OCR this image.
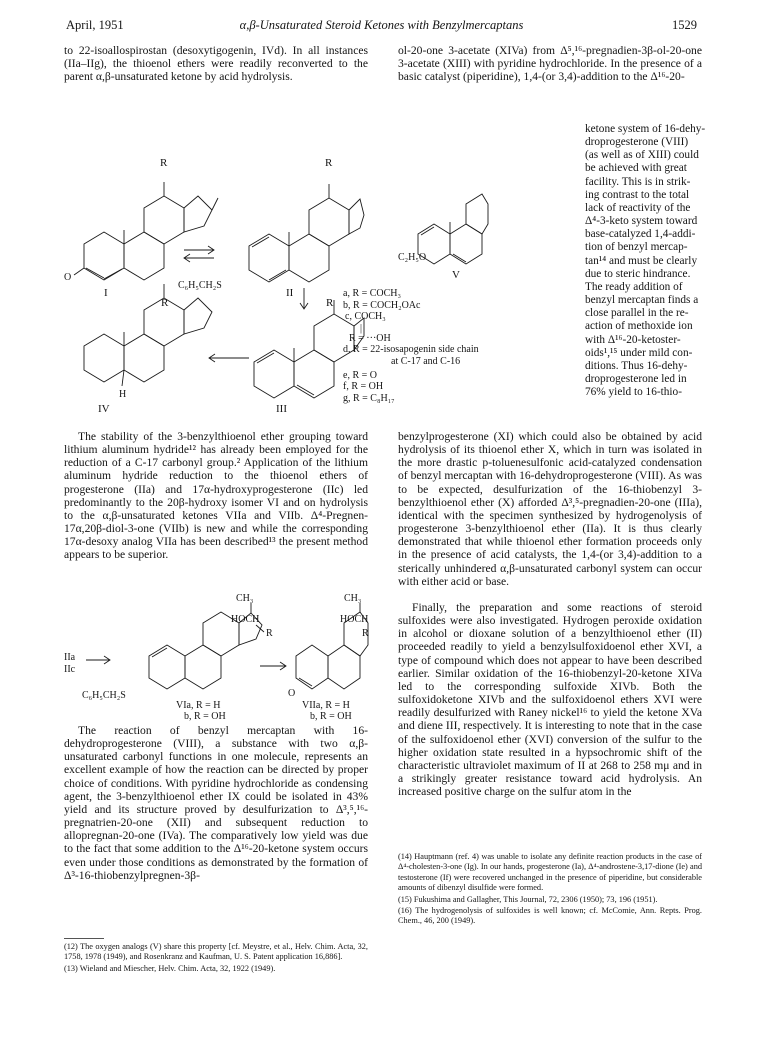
April, 1951	α,β-Unsaturated Steroid Ketones with Benzylmercaptans	1529

to 22-isoallospirostan (desoxytigogenin, IVd). In all instances (IIa–IIg), the thioenol ethers were readily reconverted to the parent α,β-unsaturated ketone by acid hydrolysis.

R	R
O
I
C₆H₅CH₂S
II
R	R
H
IV	III

The stability of the 3-benzylthioenol ether grouping toward lithium aluminum hydride¹² has already been employed for the reduction of a C-17 carbonyl group.² Application of the lithium aluminum hydride reduction to the thioenol ethers of progesterone (IIa) and 17α-hydroxyprogesterone (IIc) led predominantly to the 20β-hydroxy isomer VI and on hydrolysis to the α,β-unsaturated ketones VIIa and VIIb. Δ⁴-Pregnen-17α,20β-diol-3-one (VIIb) is new and while the corresponding 17α-desoxy analog VIIa has been described¹³ the present method appears to be superior.

CH₃	CH₃
HOCH	HOCH
R	R
IIa
IIc
C₆H₅CH₂S	O
VIa, R = H
b, R = OH
VIIa, R = H
b, R = OH

The reaction of benzyl mercaptan with 16-dehydroprogesterone (VIII), a substance with two α,β-unsaturated carbonyl functions in one molecule, represents an excellent example of how the reaction can be directed by proper choice of conditions. With pyridine hydrochloride as condensing agent, the 3-benzylthioenol ether IX could be isolated in 43% yield and its structure proved by desulfurization to Δ³,⁵,¹⁶-pregnatrien-20-one (XII) and subsequent reduction to allopregnan-20-one (IVa). The comparatively low yield was due to the fact that some addition to the Δ¹⁶-20-ketone system occurs even under those conditions as demonstrated by the formation of Δ³-16-thiobenzylpregnen-3β-

(12) The oxygen analogs (V) share this property [cf. Meystre, et al., Helv. Chim. Acta, 32, 1758, 1978 (1949), and Rosenkranz and Kaufman, U. S. Patent application 16,886].

(13) Wieland and Miescher, Helv. Chim. Acta, 32, 1922 (1949).

ol-20-one 3-acetate (XIVa) from Δ⁵,¹⁶-pregnadien-3β-ol-20-one 3-acetate (XIII) with pyridine hydrochloride. In the presence of a basic catalyst (piperidine), 1,4-(or 3,4)-addition to the Δ¹⁶-20-

ketone system of 16-dehy-
droprogesterone (VIII)
(as well as of XIII) could
be achieved with great
facility. This is in strik-
ing contrast to the total
lack of reactivity of the
Δ⁴-3-keto system toward
base-catalyzed 1,4-addi-
tion of benzyl mercap-
tan¹⁴ and must be clearly
due to steric hindrance.
The ready addition of
benzyl mercaptan finds a
close parallel in the re-
action of methoxide ion
with Δ¹⁶-20-ketoster-
oids¹,¹⁵ under mild con-
ditions. Thus 16-dehy-
droprogesterone led in
76% yield to 16-thio-
C₂H₅O
V
a, R = COCH₃
b, R = COCH₂OAc
c, COCH₃
|
R = ···OH
d, R = 22-isosapogenin side chain
at C-17 and C-16
e, R = O
f, R = OH
g, R = C₈H₁₇

benzylprogesterone (XI) which could also be obtained by acid hydrolysis of its thioenol ether X, which in turn was isolated in the more drastic p-toluenesulfonic acid-catalyzed condensation of benzyl mercaptan with 16-dehydroprogesterone (VIII). As was to be expected, desulfurization of the 16-thiobenzyl 3-benzylthioenol ether (X) afforded Δ³,⁵-pregnadien-20-one (IIIa), identical with the specimen synthesized by hydrogenolysis of progesterone 3-benzylthioenol ether (IIa). It is thus clearly demonstrated that while thioenol ether formation proceeds only in the presence of acid catalysts, the 1,4-(or 3,4)-addition to a sterically unhindered α,β-unsaturated carbonyl system can occur with either acid or base.

Finally, the preparation and some reactions of steroid sulfoxides were also investigated. Hydrogen peroxide oxidation in alcohol or dioxane solution of a benzylthioenol ether (II) proceeded readily to yield a benzylsulfoxidoenol ether XVI, a type of compound which does not appear to have been described earlier. Similar oxidation of the 16-thiobenzyl-20-ketone XIVa led to the corresponding sulfoxide XIVb. Both the sulfoxidoketone XIVb and the sulfoxidoenol ethers XVI were readily desulfurized with Raney nickel¹⁶ to yield the ketone XVa and diene III, respectively. It is interesting to note that in the case of the sulfoxidoenol ether (XVI) conversion of the sulfur to the higher oxidation state resulted in a hypsochromic shift of the characteristic ultraviolet maximum of II at 268 to 258 mμ and in a strikingly greater resistance toward acid hydrolysis. An increased positive charge on the sulfur atom in the

(14) Hauptmann (ref. 4) was unable to isolate any definite reaction products in the case of Δ⁴-cholesten-3-one (Ig). In our hands, progesterone (Ia), Δ⁴-androstene-3,17-dione (Ie) and testosterone (If) were recovered unchanged in the presence of piperidine, but considerable amounts of dibenzyl disulfide were formed.

(15) Fukushima and Gallagher, This Journal, 72, 2306 (1950); 73, 196 (1951).

(16) The hydrogenolysis of sulfoxides is well known; cf. McComie, Ann. Repts. Prog. Chem., 46, 200 (1949).
